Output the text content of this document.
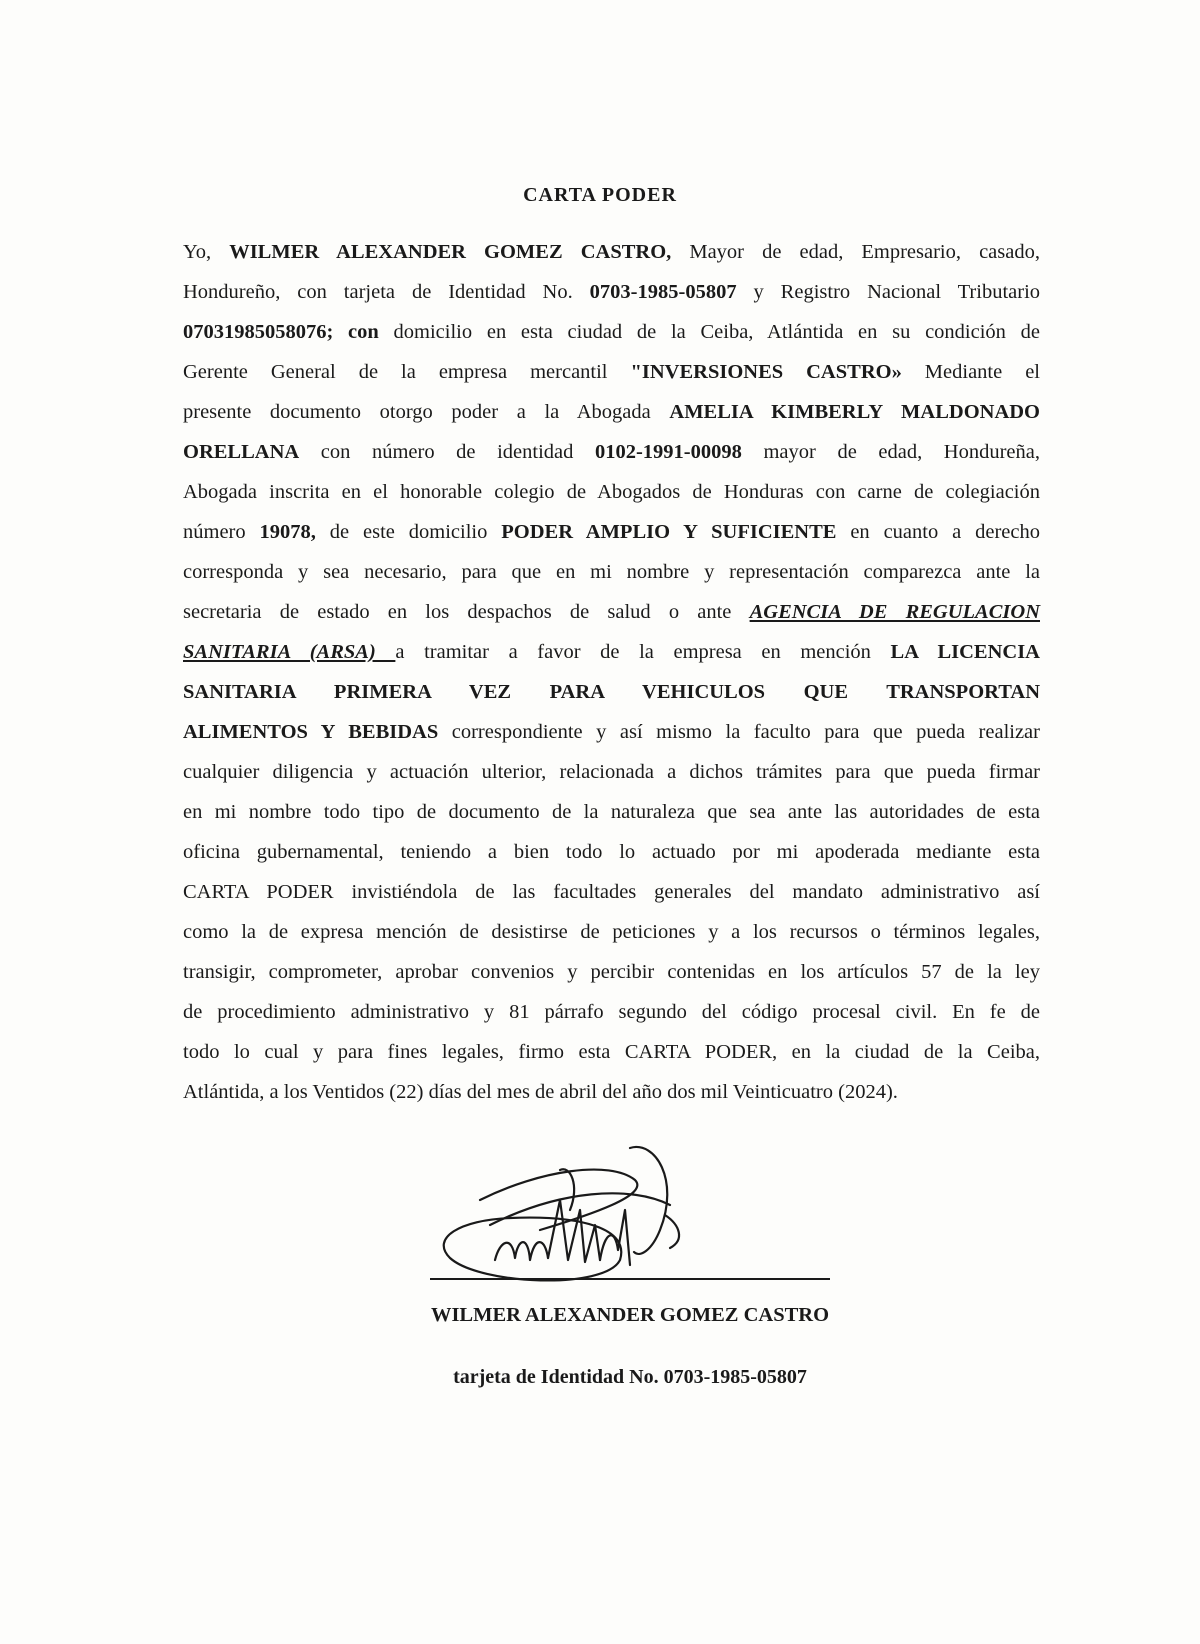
CARTA PODER
Yo, WILMER ALEXANDER GOMEZ CASTRO, Mayor de edad, Empresario, casado,
Hondureño, con tarjeta de Identidad No. 0703-1985-05807 y Registro Nacional Tributario
07031985058076; con domicilio en esta ciudad de la Ceiba, Atlántida en su condición de
Gerente General de la empresa mercantil "INVERSIONES CASTRO» Mediante el
presente documento otorgo poder a la Abogada AMELIA KIMBERLY MALDONADO
ORELLANA con número de identidad 0102-1991-00098 mayor de edad, Hondureña,
Abogada inscrita en el honorable colegio de Abogados de Honduras con carne de colegiación
número 19078, de este domicilio PODER AMPLIO Y SUFICIENTE en cuanto a derecho
corresponda y sea necesario, para que en mi nombre y representación comparezca ante la
secretaria de estado en los despachos de salud o ante AGENCIA DE REGULACION
SANITARIA (ARSA) a tramitar a favor de la empresa en mención LA LICENCIA
SANITARIA PRIMERA VEZ PARA VEHICULOS QUE TRANSPORTAN
ALIMENTOS Y BEBIDAS correspondiente y así mismo la faculto para que pueda realizar
cualquier diligencia y actuación ulterior, relacionada a dichos trámites para que pueda firmar
en mi nombre todo tipo de documento de la naturaleza que sea ante las autoridades de esta
oficina gubernamental, teniendo a bien todo lo actuado por mi apoderada mediante esta
CARTA PODER invistiéndola de las facultades generales del mandato administrativo así
como la de expresa mención de desistirse de peticiones y a los recursos o términos legales,
transigir, comprometer, aprobar convenios y percibir contenidas en los artículos 57 de la ley
de procedimiento administrativo y 81 párrafo segundo del código procesal civil. En fe de
todo lo cual y para fines legales, firmo esta CARTA PODER, en la ciudad de la Ceiba,
Atlántida, a los Ventidos (22) días del mes de abril del año dos mil Veinticuatro (2024).
WILMER ALEXANDER GOMEZ CASTRO
tarjeta de Identidad No. 0703-1985-05807
